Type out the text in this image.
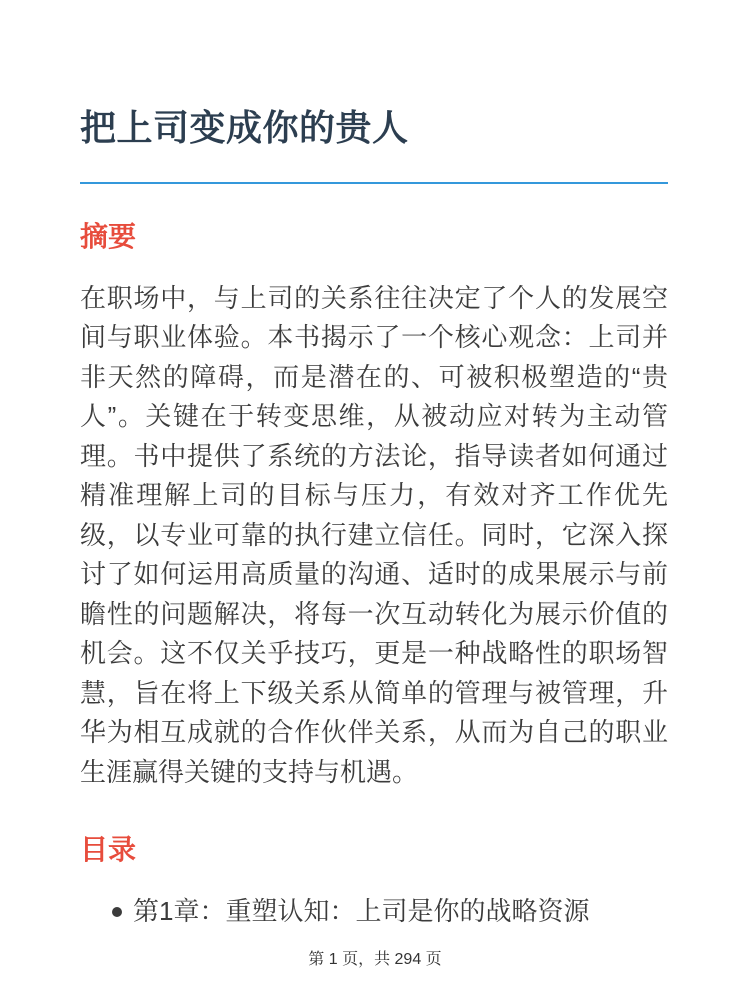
把上司变成你的贵人
摘要

在职场中，与上司的关系往往决定了个人的发展空间与职业体验。本书揭示了一个核心观念：上司并非天然的障碍，而是潜在的、可被积极塑造的“贵人”。关键在于转变思维，从被动应对转为主动管理。书中提供了系统的方法论，指导读者如何通过精准理解上司的目标与压力，有效对齐工作优先级，以专业可靠的执行建立信任。同时，它深入探讨了如何运用高质量的沟通、适时的成果展示与前瞻性的问题解决，将每一次互动转化为展示价值的机会。这不仅关乎技巧，更是一种战略性的职场智慧，旨在将上下级关系从简单的管理与被管理，升华为相互成就的合作伙伴关系，从而为自己的职业生涯赢得关键的支持与机遇。

目录
第1章：重塑认知：上司是你的战略资源
第 1 页，共 294 页
